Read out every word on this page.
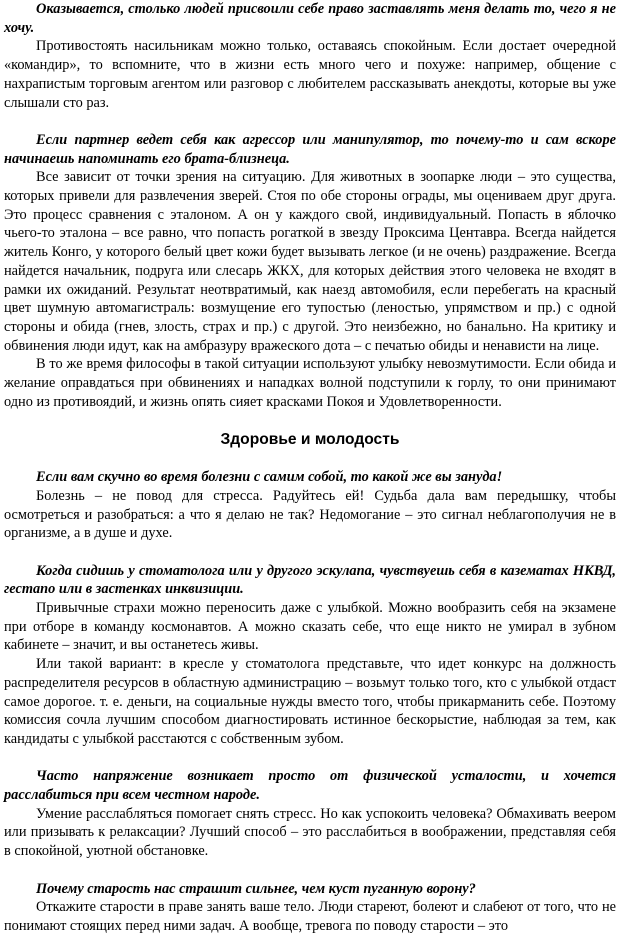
Оказывается, столько людей присвоили себе право заставлять меня делать то, чего я не хочу.

Противостоять насильникам можно только, оставаясь спокойным. Если достает очередной «командир», то вспомните, что в жизни есть много чего и похуже: например, общение с нахрапистым торговым агентом или разговор с любителем рассказывать анекдоты, которые вы уже слышали сто раз.

Если партнер ведет себя как агрессор или манипулятор, то почему-то и сам вскоре начинаешь напоминать его брата-близнеца.

Все зависит от точки зрения на ситуацию. Для животных в зоопарке люди – это существа, которых привели для развлечения зверей. Стоя по обе стороны ограды, мы оцениваем друг друга. Это процесс сравнения с эталоном. А он у каждого свой, индивидуальный. Попасть в яблочко чьего-то эталона – все равно, что попасть рогаткой в звезду Проксима Центавра. Всегда найдется житель Конго, у которого белый цвет кожи будет вызывать легкое (и не очень) раздражение. Всегда найдется начальник, подруга или слесарь ЖКХ, для которых действия этого человека не входят в рамки их ожиданий. Результат неотвратимый, как наезд автомобиля, если перебегать на красный цвет шумную автомагистраль: возмущение его тупостью (леностью, упрямством и пр.) с одной стороны и обида (гнев, злость, страх и пр.) с другой. Это неизбежно, но банально. На критику и обвинения люди идут, как на амбразуру вражеского дота – с печатью обиды и ненависти на лице.

В то же время философы в такой ситуации используют улыбку невозмутимости. Если обида и желание оправдаться при обвинениях и нападках волной подступили к горлу, то они принимают одно из противоядий, и жизнь опять сияет красками Покоя и Удовлетворенности.

Здоровье и молодость

Если вам скучно во время болезни с самим собой, то какой же вы зануда!

Болезнь – не повод для стресса. Радуйтесь ей! Судьба дала вам передышку, чтобы осмотреться и разобраться: а что я делаю не так? Недомогание – это сигнал неблагополучия не в организме, а в душе и духе.

Когда сидишь у стоматолога или у другого эскулапа, чувствуешь себя в казематах НКВД, гестапо или в застенках инквизиции.

Привычные страхи можно переносить даже с улыбкой. Можно вообразить себя на экзамене при отборе в команду космонавтов. А можно сказать себе, что еще никто не умирал в зубном кабинете – значит, и вы останетесь живы.

Или такой вариант: в кресле у стоматолога представьте, что идет конкурс на должность распределителя ресурсов в областную администрацию – возьмут только того, кто с улыбкой отдаст самое дорогое. т. е. деньги, на социальные нужды вместо того, чтобы прикарманить себе. Поэтому комиссия сочла лучшим способом диагностировать истинное бескорыстие, наблюдая за тем, как кандидаты с улыбкой расстаются с собственным зубом.

Часто напряжение возникает просто от физической усталости, и хочется расслабиться при всем честном народе.

Умение расслабляться помогает снять стресс. Но как успокоить человека? Обмахивать веером или призывать к релаксации? Лучший способ – это расслабиться в воображении, представляя себя в спокойной, уютной обстановке.

Почему старость нас страшит сильнее, чем куст пуганную ворону?

Откажите старости в праве занять ваше тело. Люди стареют, болеют и слабеют от того, что не понимают стоящих перед ними задач. А вообще, тревога по поводу старости – это
